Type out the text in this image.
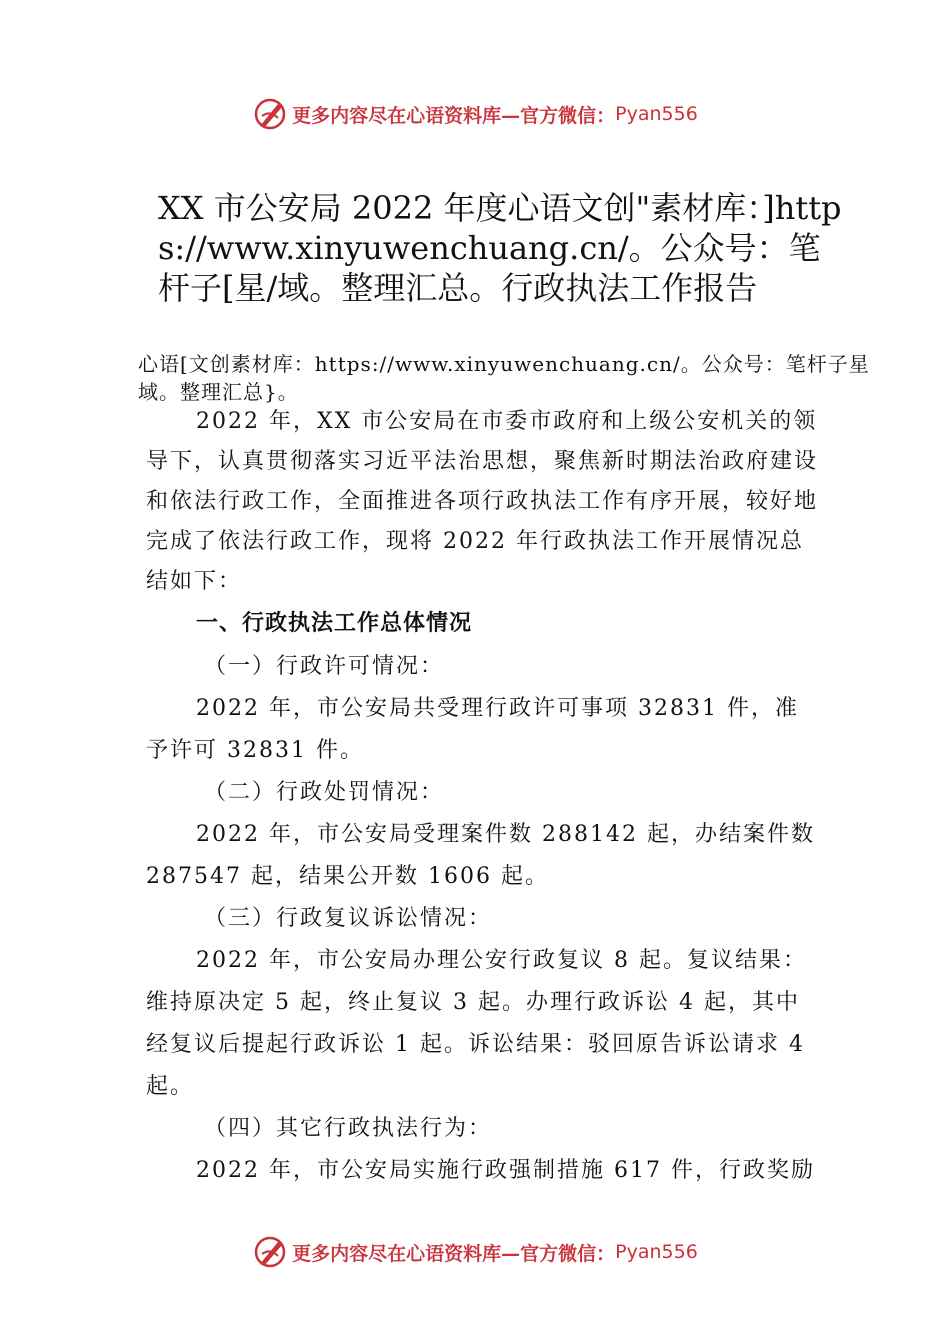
更多内容尽在心语资料库—官方微信： Pyan556
XX 市公安局 2022 年度心语文创"素材库：]https://www.xinyuwenchuang.cn/。公众号：笔杆子[星/域。整理汇总。行政执法工作报告
心语[文创素材库：https://www.xinyuwenchuang.cn/。公众号：笔杆子星域。整理汇总}。

2022 年，XX 市公安局在市委市政府和上级公安机关的领导下，认真贯彻落实习近平法治思想，聚焦新时期法治政府建设和依法行政工作，全面推进各项行政执法工作有序开展，较好地完成了依法行政工作，现将 2022 年行政执法工作开展情况总结如下：

一、行政执法工作总体情况

（一）行政许可情况：

2022 年，市公安局共受理行政许可事项 32831 件，准予许可 32831 件。

（二）行政处罚情况：

2022 年，市公安局受理案件数 288142 起，办结案件数 287547 起，结果公开数 1606 起。

（三）行政复议诉讼情况：

2022 年，市公安局办理公安行政复议 8 起。复议结果：维持原决定 5 起，终止复议 3 起。办理行政诉讼 4 起，其中经复议后提起行政诉讼 1 起。诉讼结果：驳回原告诉讼请求 4 起。

（四）其它行政执法行为：

2022 年，市公安局实施行政强制措施 617 件，行政奖励

更多内容尽在心语资料库—官方微信： Pyan556
